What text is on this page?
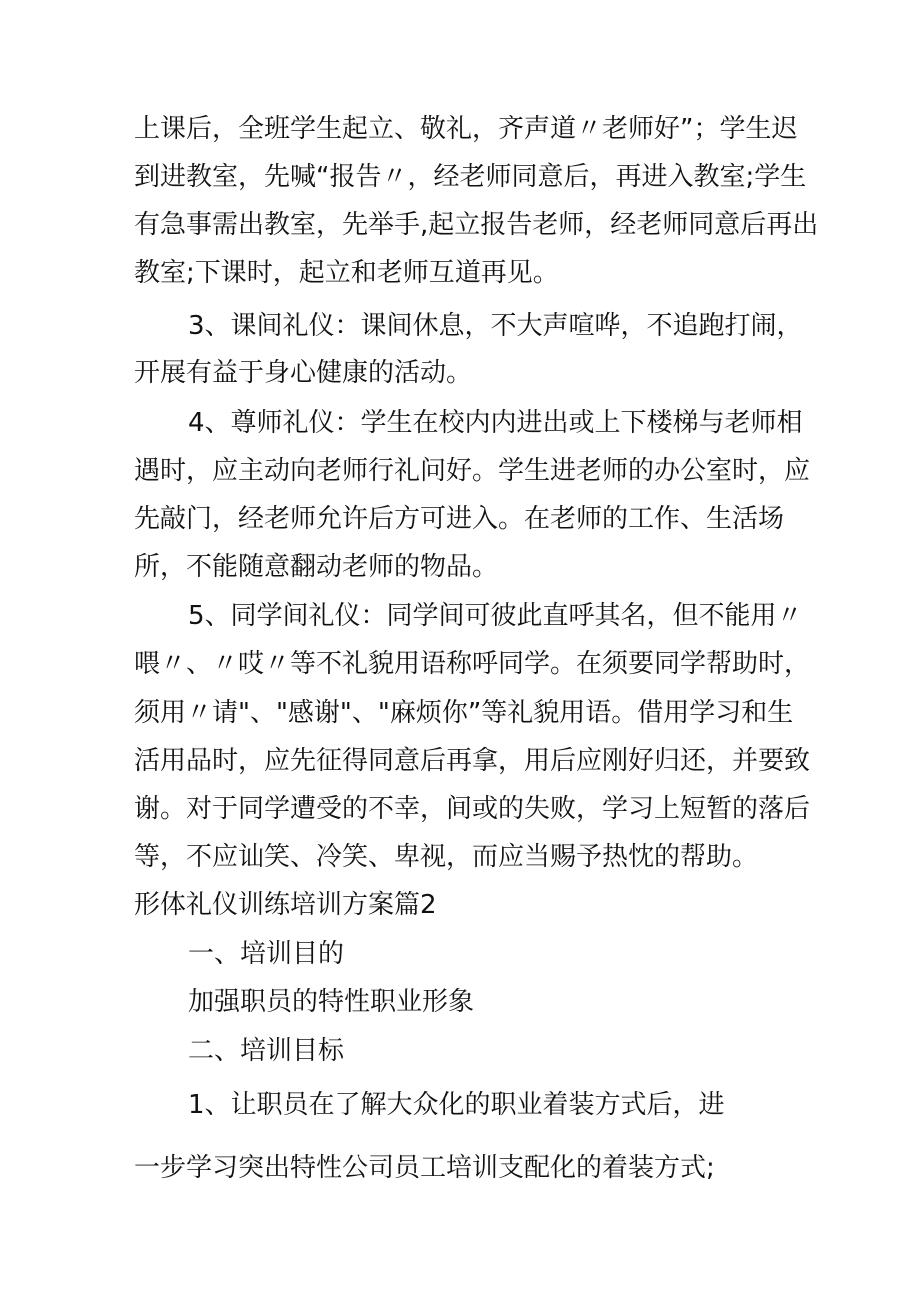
上课后，全班学生起立、敬礼，齐声道〃老师好”；学生迟

到进教室，先喊“报告〃，经老师同意后，再进入教室;学生

有急事需出教室，先举手,起立报告老师，经老师同意后再出

教室;下课时，起立和老师互道再见。

3、课间礼仪：课间休息，不大声喧哗，不追跑打闹，

开展有益于身心健康的活动。

4、尊师礼仪：学生在校内内进出或上下楼梯与老师相

遇时，应主动向老师行礼问好。学生进老师的办公室时，应

先敲门，经老师允许后方可进入。在老师的工作、生活场

所，不能随意翻动老师的物品。

5、同学间礼仪：同学间可彼此直呼其名，但不能用〃

喂〃、〃哎〃等不礼貌用语称呼同学。在须要同学帮助时，

须用〃请"、"感谢"、"麻烦你”等礼貌用语。借用学习和生

活用品时，应先征得同意后再拿，用后应刚好归还，并要致

谢。对于同学遭受的不幸，间或的失败，学习上短暂的落后

等，不应讪笑、冷笑、卑视，而应当赐予热忱的帮助。

形体礼仪训练培训方案篇2

一、培训目的

加强职员的特性职业形象

二、培训目标

1、让职员在了解大众化的职业着装方式后，进

一步学习突出特性公司员工培训支配化的着装方式;
